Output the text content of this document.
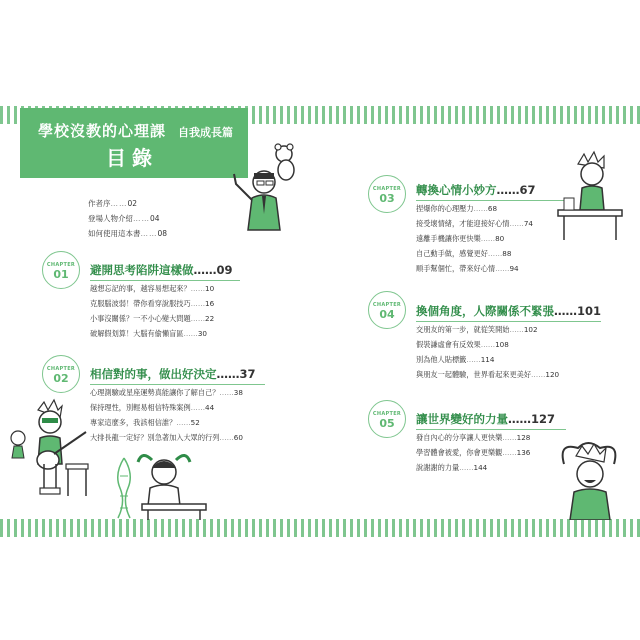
學校沒教的心理課 自我成長篇
目錄
作者序……02
登場人物介紹……04
如何使用這本書……08
CHAPTER
01	避開思考陷阱這樣做……09
越想忘記的事，越容易想起來？……10
克服腦波弱！帶你看穿說服技巧……16
小事沒關係？一不小心變大問題……22
破解假划算！大腦有偷懶盲區……30
CHAPTER
02	相信對的事，做出好決定……37
心理測驗或星座運勢真能讓你了解自己？……38
保持理性，別輕易相信特殊案例……44
專家這麼多，我該相信誰？……52
大排長龍一定好？別急著加入大眾的行列……60
CHAPTER
03
轉換心情小妙方……67
捏爆你的心理壓力……68
接受壞情緒，才能迎接好心情……74
遠離手機讓你更快樂……80
自己動手做，感覺更好……88
順手幫個忙，帶來好心情……94
CHAPTER
04	換個角度，人際關係不緊張……101
交朋友的第一步，就從笑開始……102
假裝謙虛會有反效果……108
別為他人貼標籤……114
與朋友一起體驗，世界看起來更美好……120
CHAPTER
05	讓世界變好的力量……127
發自內心的分享讓人更快樂……128
學習體會被愛，你會更樂觀……136
說謝謝的力量……144
